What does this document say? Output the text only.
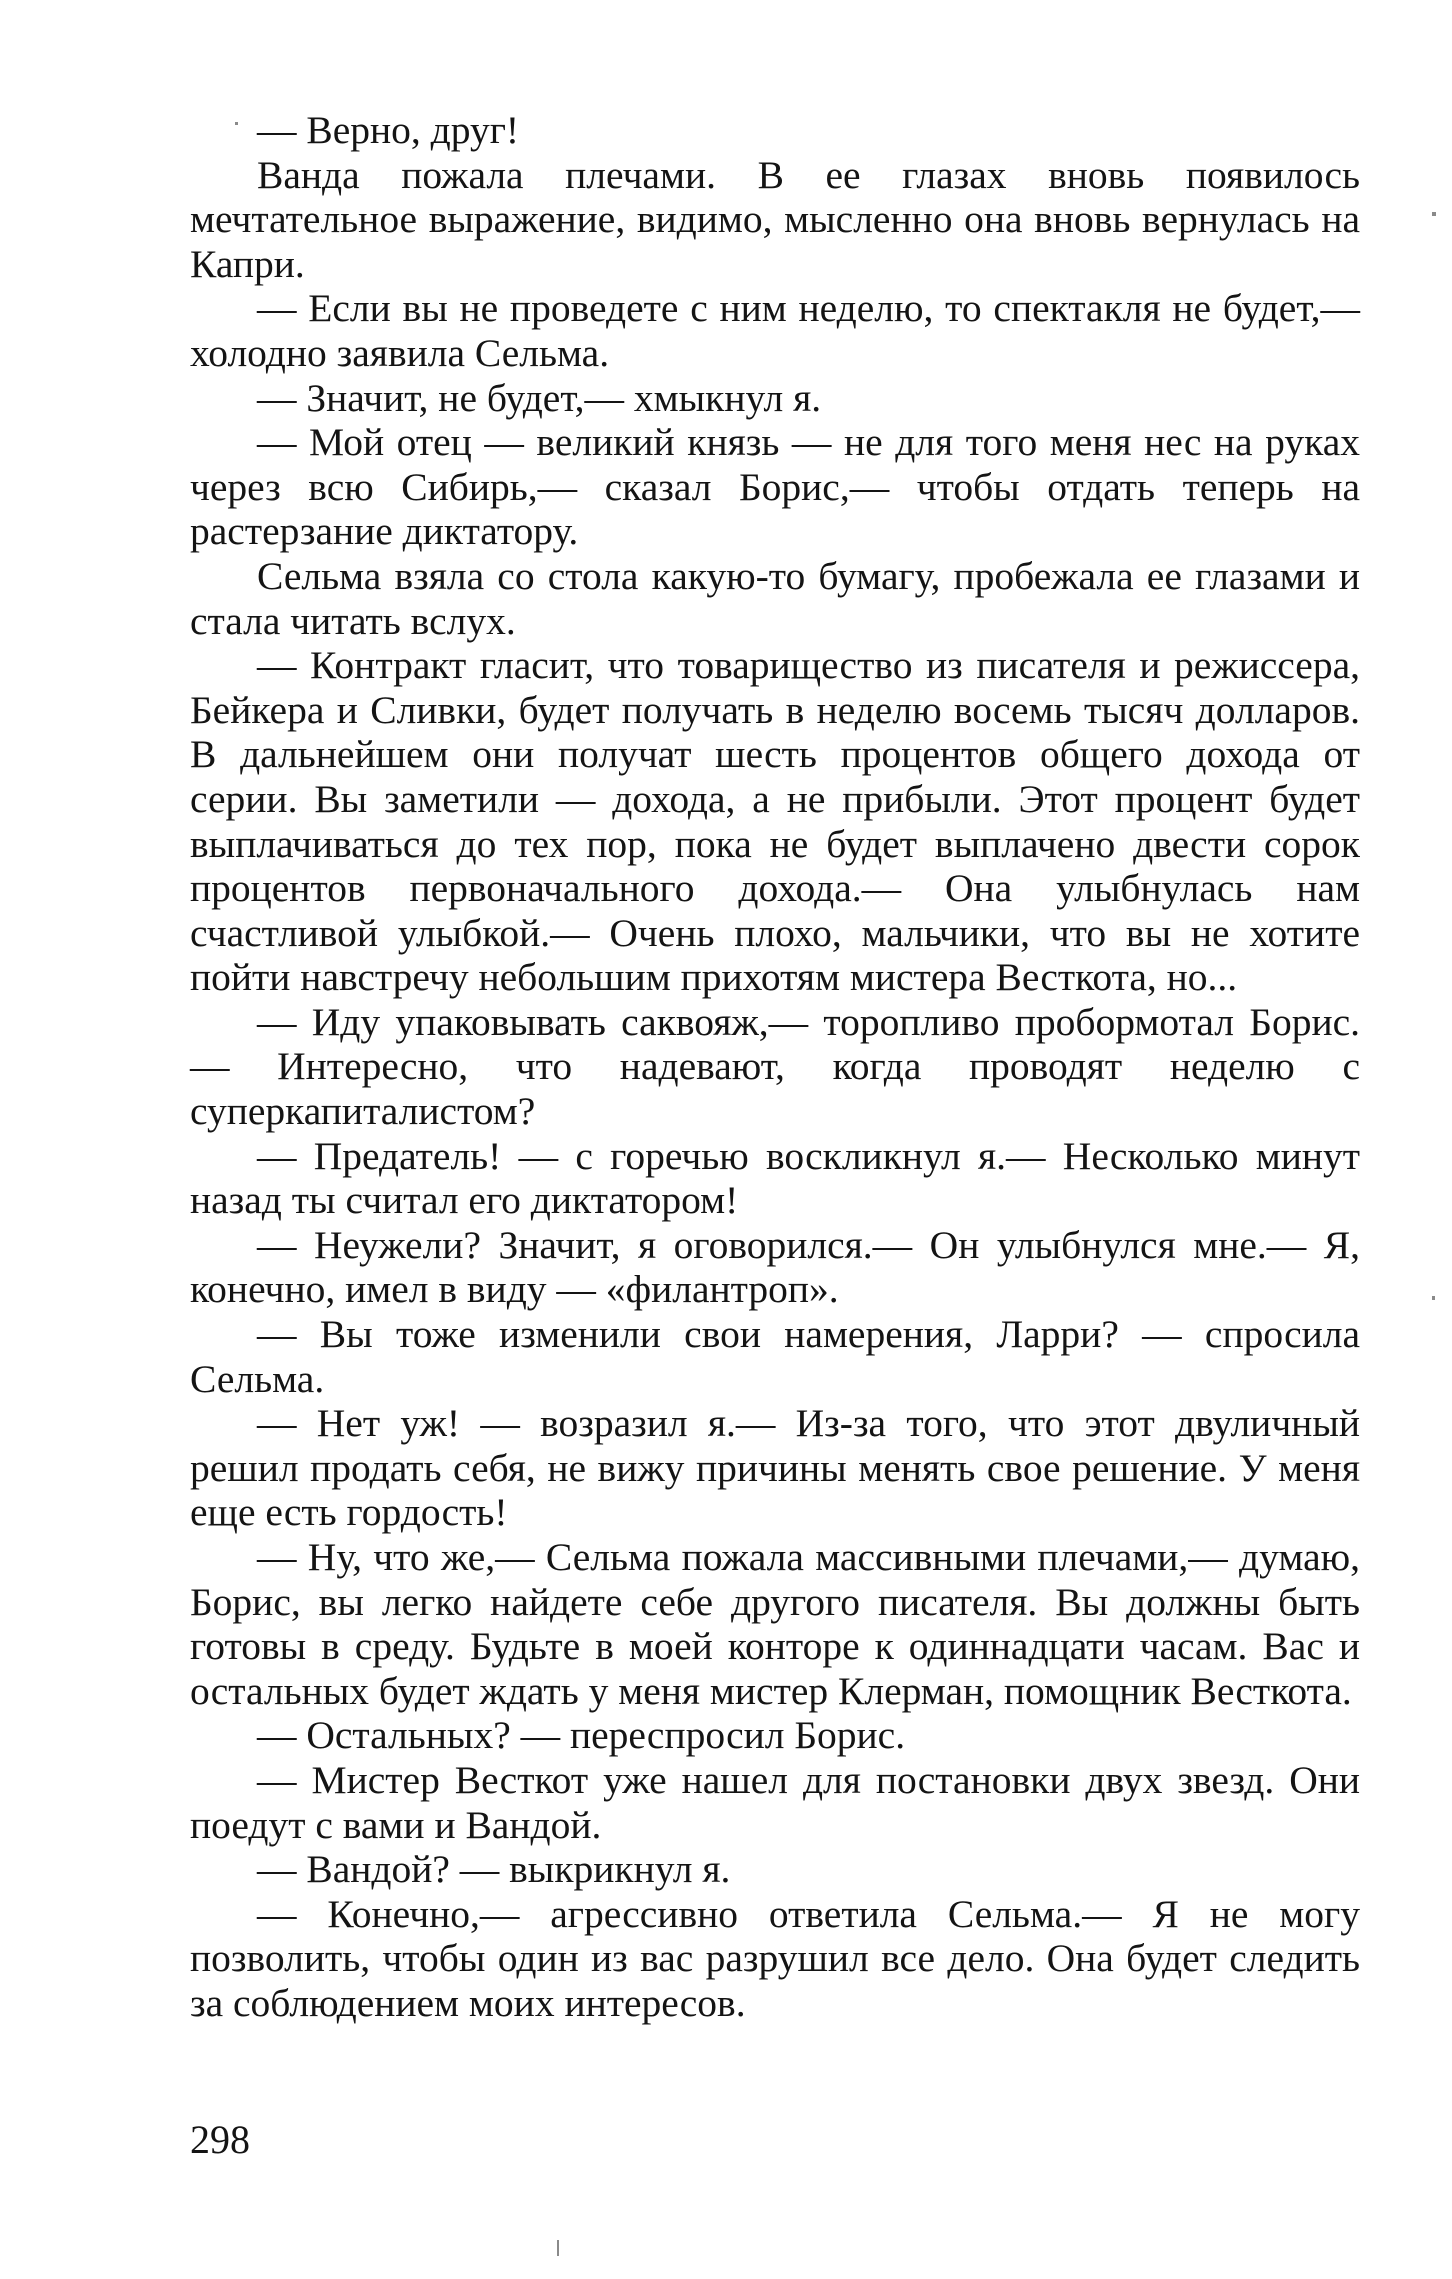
— Верно, друг!

Ванда пожала плечами. В ее глазах вновь появилось мечтательное выражение, видимо, мысленно она вновь вернулась на Капри.

— Если вы не проведете с ним неделю, то спектакля не будет,— холодно заявила Сельма.

— Значит, не будет,— хмыкнул я.

— Мой отец — великий князь — не для того меня нес на руках через всю Сибирь,— сказал Борис,— чтобы отдать теперь на растерзание диктатору.

Сельма взяла со стола какую-то бумагу, пробежала ее глазами и стала читать вслух.

— Контракт гласит, что товарищество из писателя и режиссера, Бейкера и Сливки, будет получать в неделю восемь тысяч долларов. В дальнейшем они получат шесть процентов общего дохода от серии. Вы заметили — дохода, а не прибыли. Этот процент будет выплачиваться до тех пор, пока не будет выплачено двести сорок процентов первоначального дохода.— Она улыбнулась нам счастливой улыбкой.— Очень плохо, мальчики, что вы не хотите пойти навстречу небольшим прихотям мистера Весткота, но...

— Иду упаковывать саквояж,— торопливо пробормотал Борис.— Интересно, что надевают, когда проводят неделю с суперкапиталистом?

— Предатель! — с горечью воскликнул я.— Несколько минут назад ты считал его диктатором!

— Неужели? Значит, я оговорился.— Он улыбнулся мне.— Я, конечно, имел в виду — «филантроп».

— Вы тоже изменили свои намерения, Ларри? — спросила Сельма.

— Нет уж! — возразил я.— Из-за того, что этот двуличный решил продать себя, не вижу причины менять свое решение. У меня еще есть гордость!

— Ну, что же,— Сельма пожала массивными плечами,— думаю, Борис, вы легко найдете себе другого писателя. Вы должны быть готовы в среду. Будьте в моей конторе к одиннадцати часам. Вас и остальных будет ждать у меня мистер Клерман, помощник Весткота.

— Остальных? — переспросил Борис.

— Мистер Весткот уже нашел для постановки двух звезд. Они поедут с вами и Вандой.

— Вандой? — выкрикнул я.

— Конечно,— агрессивно ответила Сельма.— Я не могу позволить, чтобы один из вас разрушил все дело. Она будет следить за соблюдением моих интересов.

298
